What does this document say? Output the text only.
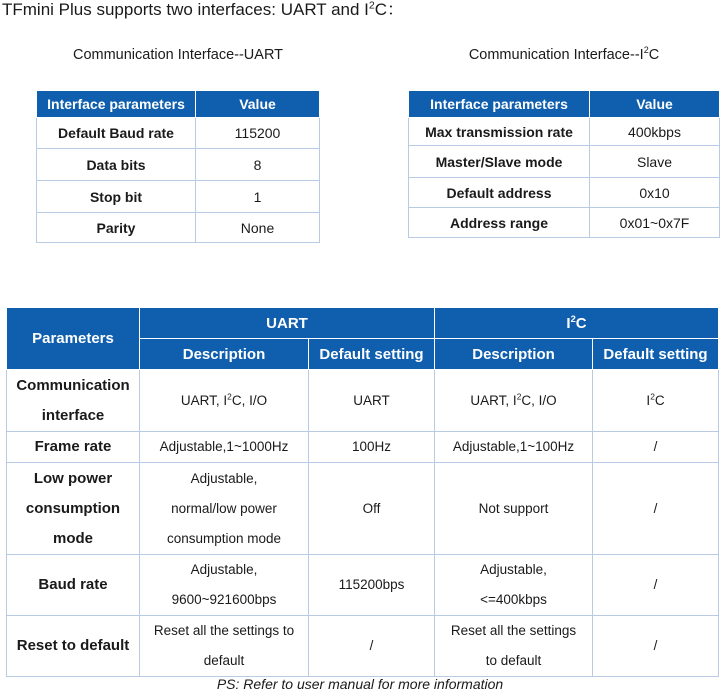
TFmini Plus supports two interfaces: UART and $I^2C$：
Communication Interface--UART	Communication Interface-$-I^2C$
Interface parameters	Value
Default Baud rate	115200
Data bits	8
Stop bit	1
Parity	None
Interface parameters	Value
Max transmission rate	400kbps
Master/Slave mode	Slave
Default address	0x10
Address range	0x01~0x7F
Parameters	UART		$I^2C$	
	Description	Default setting	Description	Default setting
Communication
interface	UART, $I^2C$, I/O	UART	UART, $I^2C$, I/O	$I^2C$
Frame rate	Adjustable,1~1000Hz	100Hz	Adjustable,1~100Hz	/
Low power
consumption
mode	Adjustable,
normal/low power
consumption mode	Off	Not support	/
Baud rate	Adjustable,
9600~921600bps	115200bps	Adjustable,
<=400kbps	/
Reset to default	Reset all the settings to
default	/	Reset all the settings
to default	/
PS: Refer to user manual for more information
